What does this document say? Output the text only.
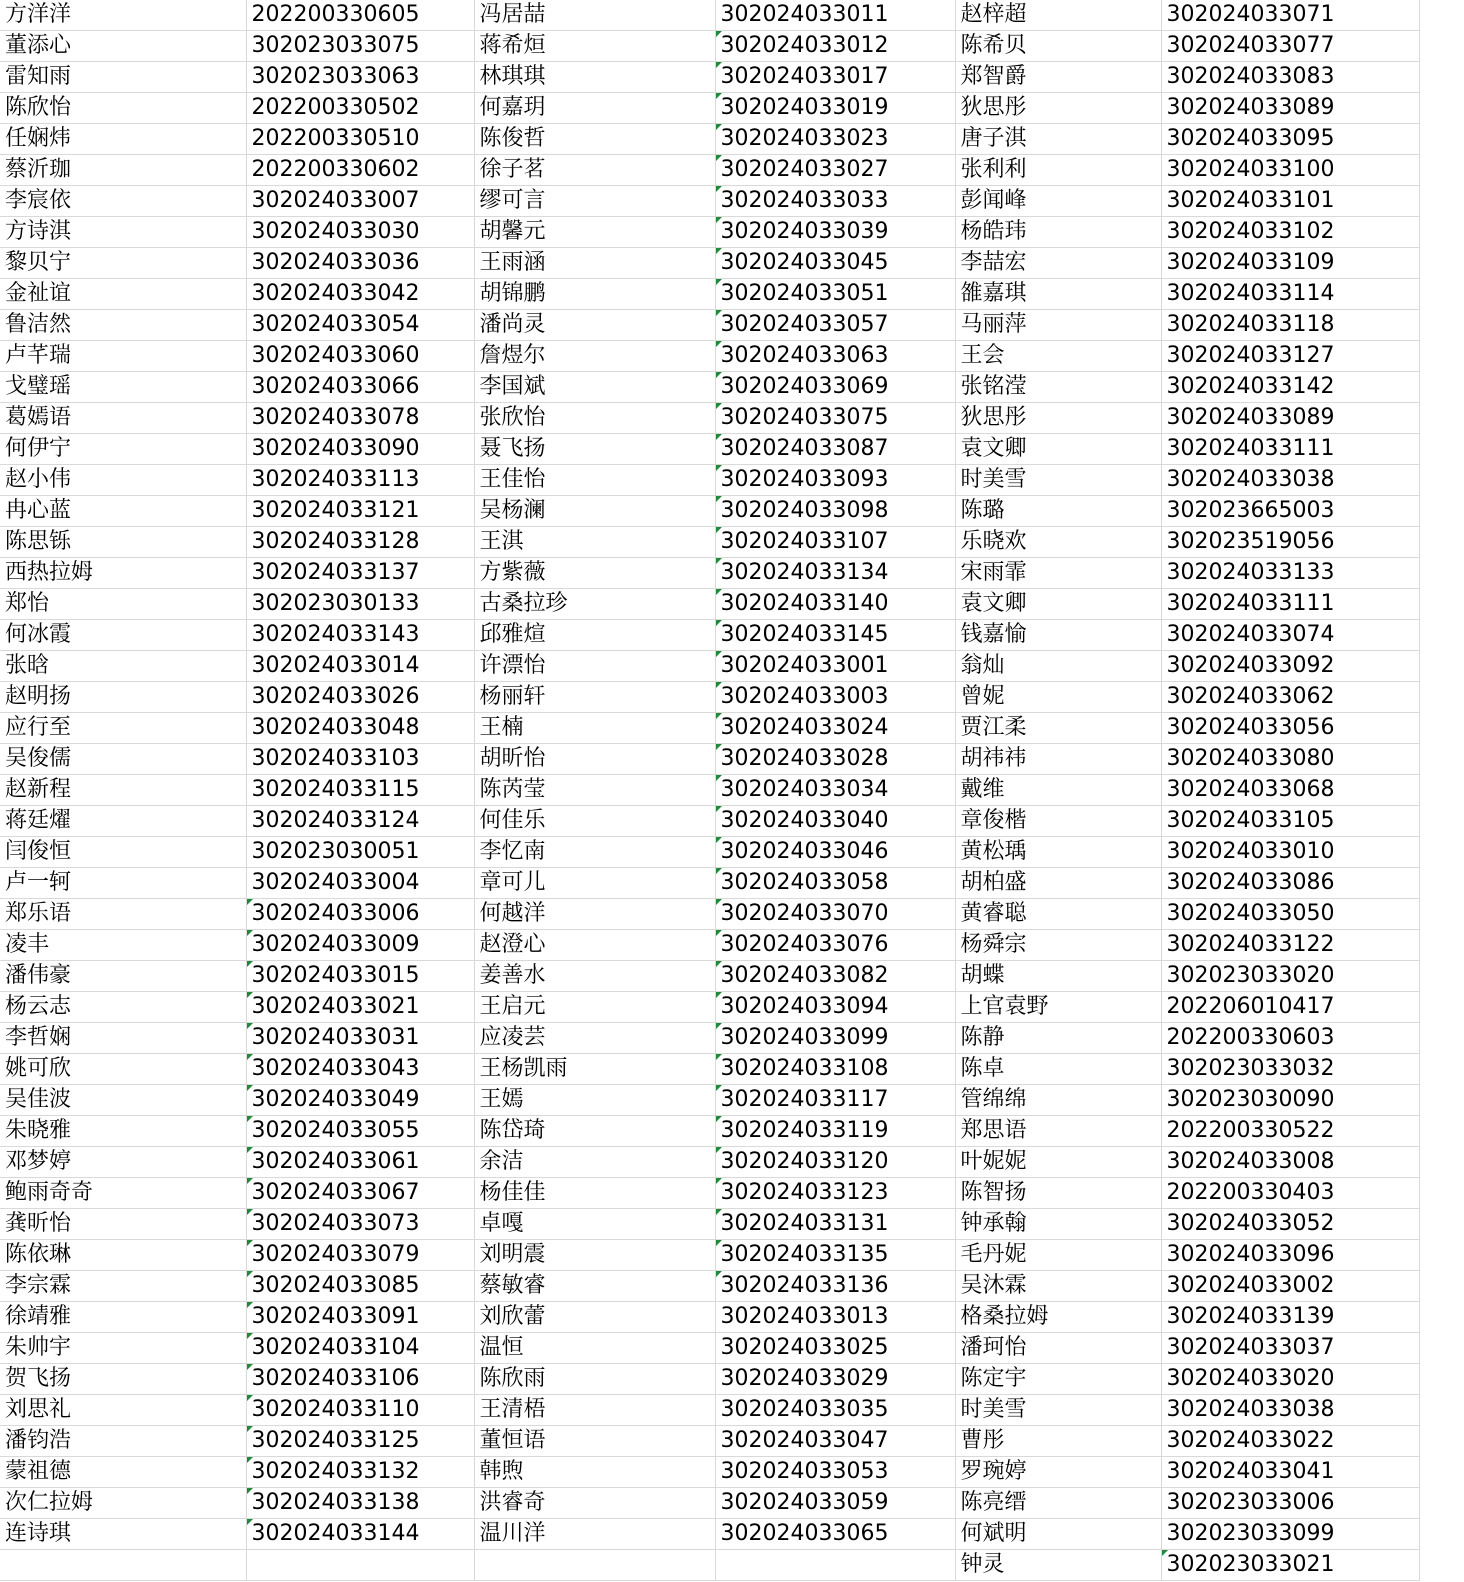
方洋洋	202200330605	冯居喆	302024033011	赵梓超	302024033071
董添心	302023033075	蒋希烜	302024033012	陈希贝	302024033077
雷知雨	302023033063	林琪琪	302024033017	郑智爵	302024033083
陈欣怡	202200330502	何嘉玥	302024033019	狄思彤	302024033089
任娴炜	202200330510	陈俊哲	302024033023	唐子淇	302024033095
蔡沂珈	202200330602	徐子茗	302024033027	张利利	302024033100
李宸依	302024033007	缪可言	302024033033	彭闻峰	302024033101
方诗淇	302024033030	胡馨元	302024033039	杨皓玮	302024033102
黎贝宁	302024033036	王雨涵	302024033045	李喆宏	302024033109
金祉谊	302024033042	胡锦鹏	302024033051	雒嘉琪	302024033114
鲁洁然	302024033054	潘尚灵	302024033057	马丽萍	302024033118
卢芊瑞	302024033060	詹煜尔	302024033063	王会	302024033127
戈璧瑶	302024033066	李国斌	302024033069	张铭滢	302024033142
葛嫣语	302024033078	张欣怡	302024033075	狄思彤	302024033089
何伊宁	302024033090	聂飞扬	302024033087	袁文卿	302024033111
赵小伟	302024033113	王佳怡	302024033093	时美雪	302024033038
冉心蓝	302024033121	吴杨澜	302024033098	陈璐	302023665003
陈思铄	302024033128	王淇	302024033107	乐晓欢	302023519056
西热拉姆	302024033137	方紫薇	302024033134	宋雨霏	302024033133
郑怡	302023030133	古桑拉珍	302024033140	袁文卿	302024033111
何冰霞	302024033143	邱雅煊	302024033145	钱嘉愉	302024033074
张晗	302024033014	许漂怡	302024033001	翁灿	302024033092
赵明扬	302024033026	杨丽轩	302024033003	曾妮	302024033062
应行至	302024033048	王楠	302024033024	贾江柔	302024033056
吴俊儒	302024033103	胡昕怡	302024033028	胡祎祎	302024033080
赵新程	302024033115	陈芮莹	302024033034	戴维	302024033068
蒋廷燿	302024033124	何佳乐	302024033040	章俊楷	302024033105
闫俊恒	302023030051	李忆南	302024033046	黄松瑀	302024033010
卢一轲	302024033004	章可儿	302024033058	胡柏盛	302024033086
郑乐语	302024033006	何越洋	302024033070	黄睿聪	302024033050
凌丰	302024033009	赵澄心	302024033076	杨舜宗	302024033122
潘伟豪	302024033015	姜善水	302024033082	胡蝶	302023033020
杨云志	302024033021	王启元	302024033094	上官袁野	202206010417
李哲娴	302024033031	应凌芸	302024033099	陈静	202200330603
姚可欣	302024033043	王杨凯雨	302024033108	陈卓	302023033032
吴佳波	302024033049	王嫣	302024033117	管绵绵	302023030090
朱晓雅	302024033055	陈岱琦	302024033119	郑思语	202200330522
邓梦婷	302024033061	余洁	302024033120	叶妮妮	302024033008
鲍雨奇奇	302024033067	杨佳佳	302024033123	陈智扬	202200330403
龚昕怡	302024033073	卓嘎	302024033131	钟承翰	302024033052
陈依琳	302024033079	刘明震	302024033135	毛丹妮	302024033096
李宗霖	302024033085	蔡敏睿	302024033136	吴沐霖	302024033002
徐靖雅	302024033091	刘欣蕾	302024033013	格桑拉姆	302024033139
朱帅宇	302024033104	温恒	302024033025	潘珂怡	302024033037
贺飞扬	302024033106	陈欣雨	302024033029	陈定宇	302024033020
刘思礼	302024033110	王清梧	302024033035	时美雪	302024033038
潘钧浩	302024033125	董恒语	302024033047	曹彤	302024033022
蒙祖德	302024033132	韩煦	302024033053	罗琬婷	302024033041
次仁拉姆	302024033138	洪睿奇	302024033059	陈亮缙	302023033006
连诗琪	302024033144	温川洋	302024033065	何斌明	302023033099
				钟灵	302023033021
